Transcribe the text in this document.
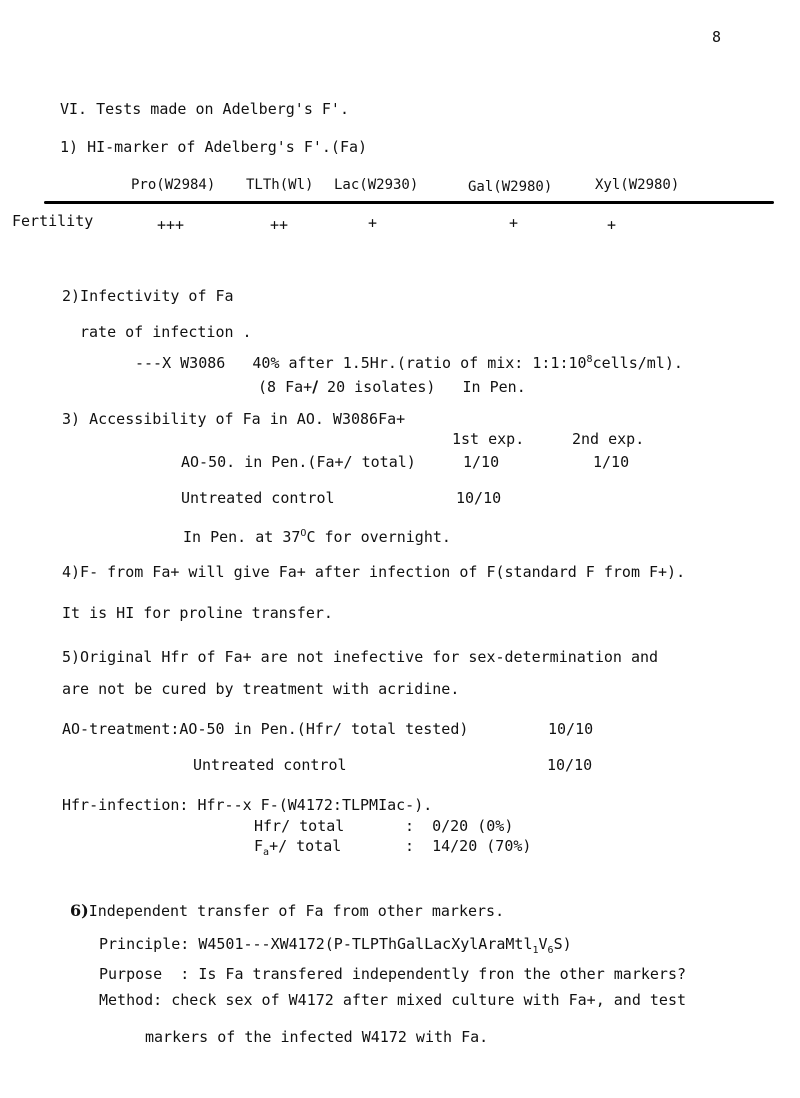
8
VI. Tests made on Adelberg's F'.
1) HI-marker of Adelberg's F'.(Fa)
Pro(W2984) TLTh(Wl) Lac(W2930)	Gal(W2980)	Xyl(W2980)
Fertility	+++	++	+	+	+
2)Infectivity of Fa
rate of infection .
---X W3086   40% after 1.5Hr.(ratio of mix: $1:1:10^8cells/ml$).
(8 Fa+/ 20 isolates)   In Pen.
3) Accessibility of Fa in AO. W3086Fa+
1st exp.	2nd exp.
AO-50. in Pen.(Fa+/ total)	1/10	1/10
Untreated control	10/10
In Pen. at $37^OC$ for overnight.
4)F- from Fa+ will give Fa+ after infection of F(standard F from F+).
It is HI for proline transfer.
5)Original Hfr of Fa+ are not inefective for sex-determination and
are not be cured by treatment with acridine.
AO-treatment:AO-50 in Pen.(Hfr/ total tested)	10/10
Untreated control	10/10
Hfr-infection: Hfr--x F-(W4172:TLPMIac-).
Hfr/ total	:  0/20 (0%)
$F_a+/$ total	:  14/20 (70%)
6)Independent transfer of Fa from other markers.
Principle: $W4501---XW4172(P-TLPThGalLacXylAraMtl_1V_6S)$
Purpose  : Is Fa transfered independently fron the other markers?
Method: check sex of W4172 after mixed culture with Fa+, and test
markers of the infected W4172 with Fa.
